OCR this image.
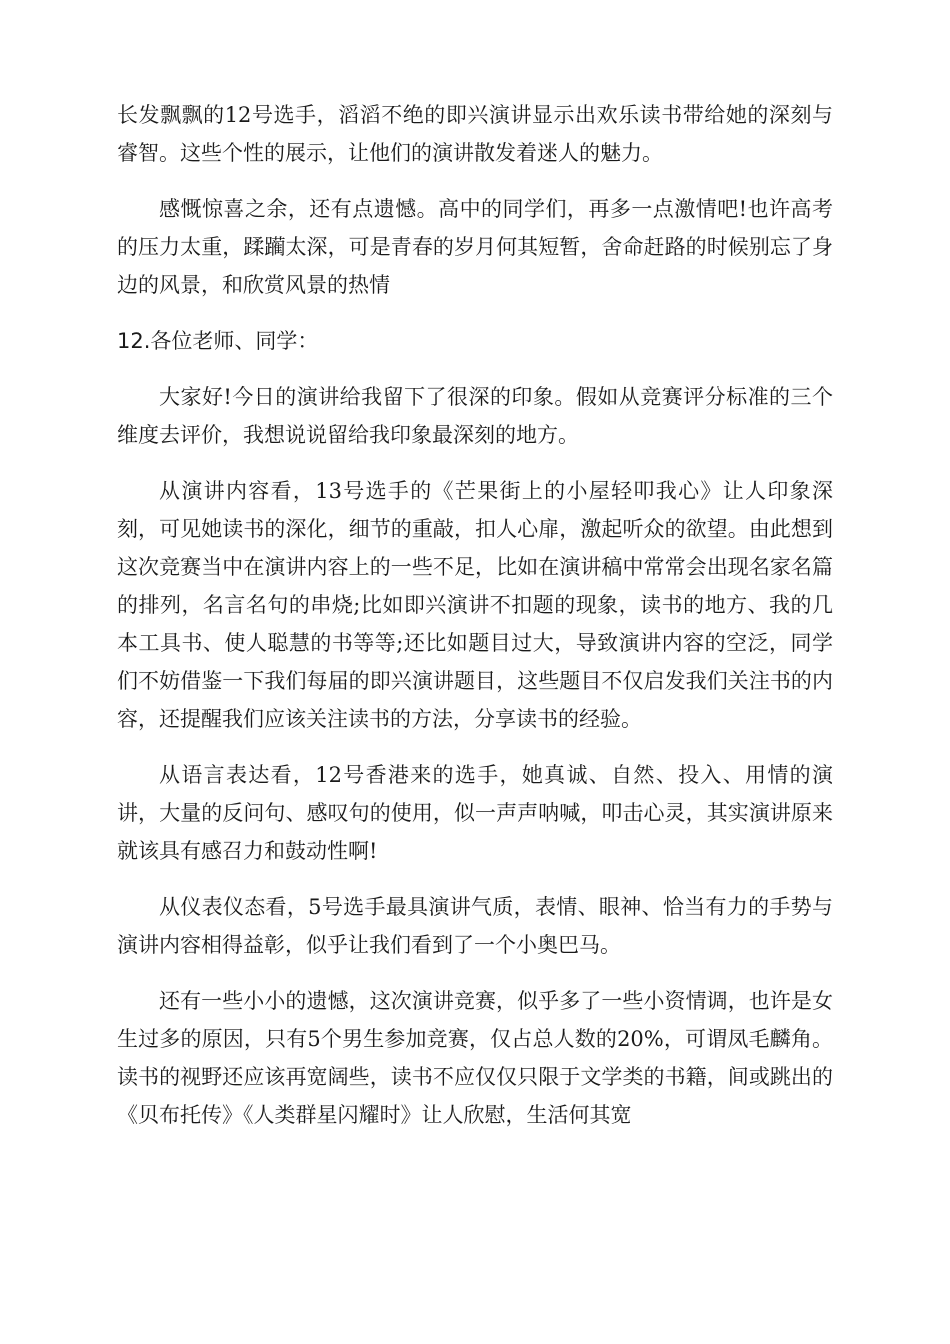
长发飘飘的12号选手，滔滔不绝的即兴演讲显示出欢乐读书带给她的深刻与睿智。这些个性的展示，让他们的演讲散发着迷人的魅力。

感慨惊喜之余，还有点遗憾。高中的同学们，再多一点激情吧!也许高考的压力太重，蹂躏太深，可是青春的岁月何其短暂，舍命赶路的时候别忘了身边的风景，和欣赏风景的热情

12.各位老师、同学：

大家好!今日的演讲给我留下了很深的印象。假如从竞赛评分标准的三个维度去评价，我想说说留给我印象最深刻的地方。

从演讲内容看，13号选手的《芒果街上的小屋轻叩我心》让人印象深刻，可见她读书的深化，细节的重敲，扣人心扉，激起听众的欲望。由此想到这次竞赛当中在演讲内容上的一些不足，比如在演讲稿中常常会出现名家名篇的排列，名言名句的串烧;比如即兴演讲不扣题的现象，读书的地方、我的几本工具书、使人聪慧的书等等;还比如题目过大，导致演讲内容的空泛，同学们不妨借鉴一下我们每届的即兴演讲题目，这些题目不仅启发我们关注书的内容，还提醒我们应该关注读书的方法，分享读书的经验。

从语言表达看，12号香港来的选手，她真诚、自然、投入、用情的演讲，大量的反问句、感叹句的使用，似一声声呐喊，叩击心灵，其实演讲原来就该具有感召力和鼓动性啊!

从仪表仪态看，5号选手最具演讲气质，表情、眼神、恰当有力的手势与演讲内容相得益彰，似乎让我们看到了一个小奥巴马。

还有一些小小的遗憾，这次演讲竞赛，似乎多了一些小资情调，也许是女生过多的原因，只有5个男生参加竞赛，仅占总人数的20%，可谓凤毛麟角。读书的视野还应该再宽阔些，读书不应仅仅只限于文学类的书籍，间或跳出的《贝布托传》《人类群星闪耀时》让人欣慰，生活何其宽
